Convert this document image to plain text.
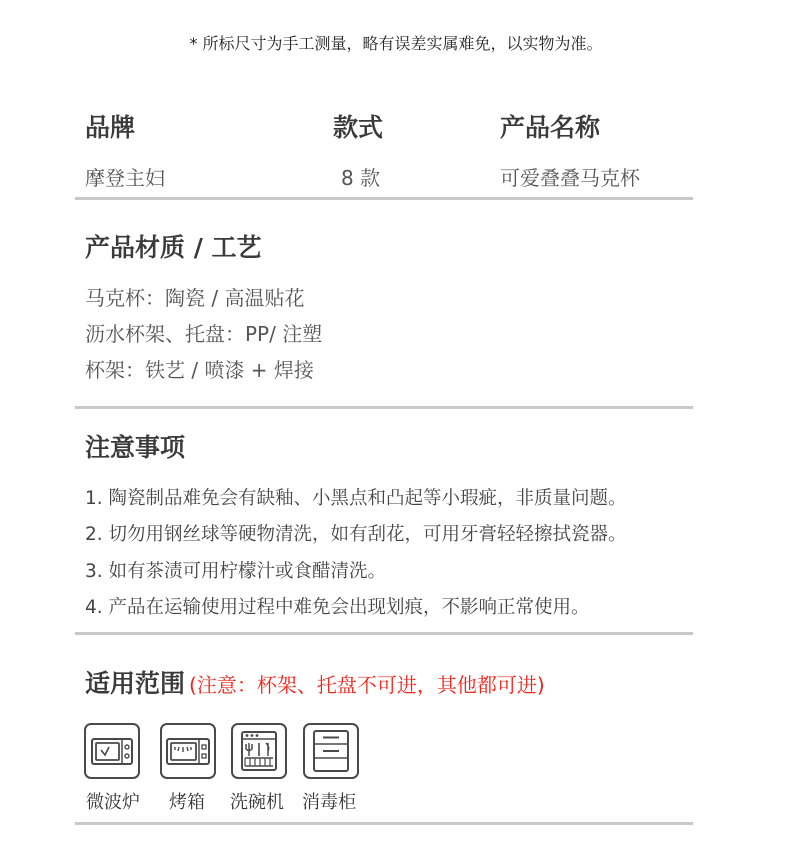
* 所标尺寸为手工测量，略有误差实属难免，以实物为准。
品牌	款式	产品名称
摩登主妇	8 款	可爱叠叠马克杯
产品材质 / 工艺
马克杯：陶瓷 / 高温贴花
沥水杯架、托盘：PP/ 注塑
杯架：铁艺 / 喷漆 + 焊接
注意事项
1. 陶瓷制品难免会有缺釉、小黑点和凸起等小瑕疵，非质量问题。
2. 切勿用钢丝球等硬物清洗，如有刮花，可用牙膏轻轻擦拭瓷器。
3. 如有茶渍可用柠檬汁或食醋清洗。
4. 产品在运输使用过程中难免会出现划痕，不影响正常使用。
适用范围 (注意：杯架、托盘不可进，其他都可进)
微波炉 烤箱 洗碗机 消毒柜
